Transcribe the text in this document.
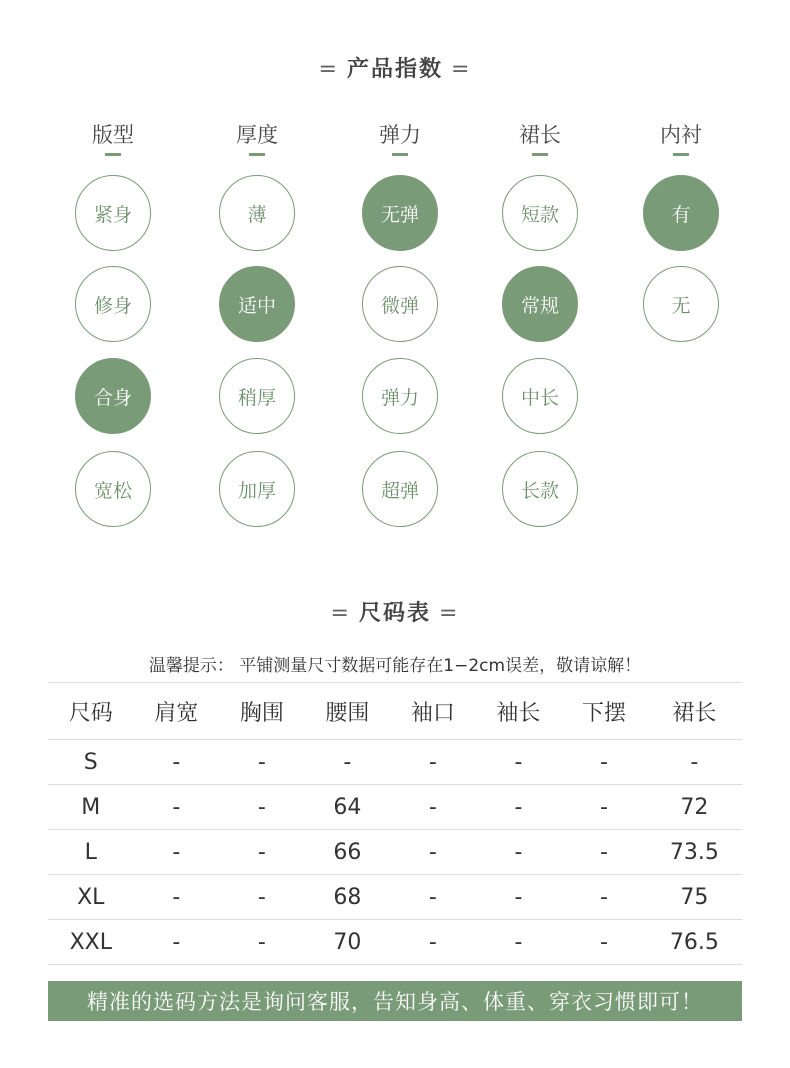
= 产品指数 =
版型	厚度	弹力	裙长	内衬
紧身
修身
合身
宽松
薄
适中
稍厚
加厚
无弹
微弹
弹力
超弹
短款
常规
中长
长款
有
无
= 尺码表 =
温馨提示： 平铺测量尺寸数据可能存在1−2cm误差，敬请谅解！
尺码	肩宽	胸围	腰围	袖口	袖长	下摆	裙长
S	-	-	-	-	-	-	-
M	-	-	64	-	-	-	72
L	-	-	66	-	-	-	73.5
XL	-	-	68	-	-	-	75
XXL	-	-	70	-	-	-	76.5
精准的选码方法是询问客服，告知身高、体重、穿衣习惯即可！
